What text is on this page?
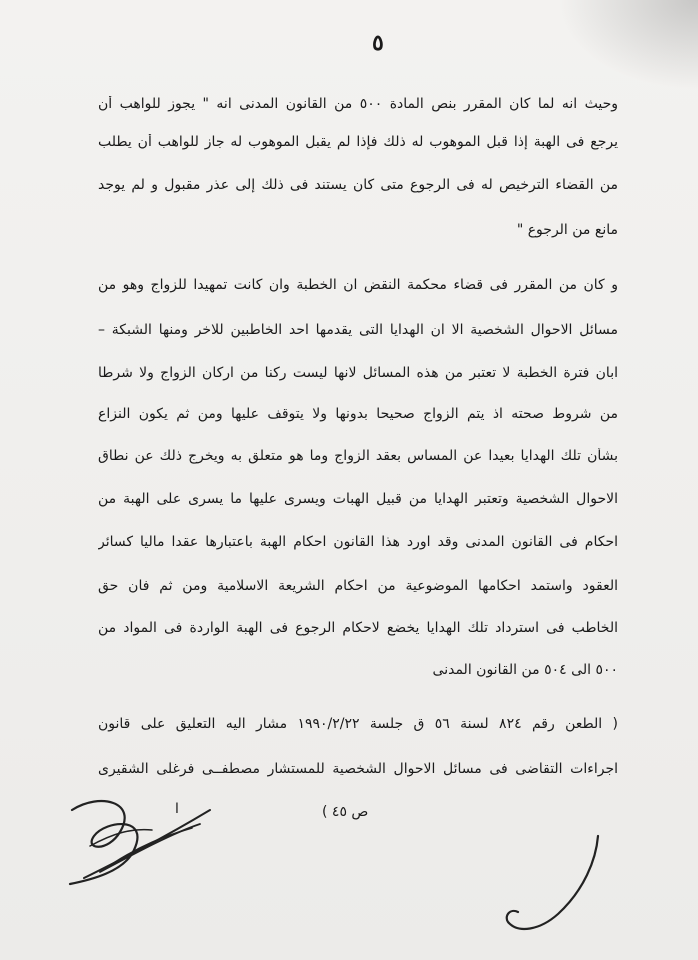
٥
وحيث انه لما كان المقرر بنص المادة ٥٠٠ من القانون المدنى انه " يجوز للواهب أن
يرجع فى الهبة إذا قبل الموهوب له ذلك فإذا لم يقبل الموهوب له جاز للواهب أن يطلب
من القضاء الترخيص له فى الرجوع متى كان يستند فى ذلك إلى عذر مقبول و لم يوجد
مانع من الرجوع "
و كان من المقرر فى قضاء محكمة النقض ان الخطبة وان كانت تمهيدا للزواج وهو من
مسائل الاحوال الشخصية الا ان الهدايا التى يقدمها احد الخاطبين للاخر ومنها الشبكة –
ابان فترة الخطبة لا تعتبر من هذه المسائل لانها ليست ركنا من اركان الزواج ولا شرطا
من شروط صحته اذ يتم الزواج صحيحا بدونها ولا يتوقف عليها ومن ثم يكون النزاع
بشأن تلك الهدايا بعيدا عن المساس بعقد الزواج وما هو متعلق به ويخرج ذلك عن نطاق
الاحوال الشخصية وتعتبر الهدايا من قبيل الهبات ويسرى عليها ما يسرى على الهبة من
احكام فى القانون المدنى وقد اورد هذا القانون احكام الهبة باعتبارها عقدا ماليا كسائر
العقود واستمد احكامها الموضوعية من احكام الشريعة الاسلامية ومن ثم فان حق
الخاطب فى استرداد تلك الهدايا يخضع لاحكام الرجوع فى الهبة الواردة فى المواد من
٥٠٠ الى ٥٠٤ من القانون المدنى
( الطعن رقم ٨٢٤ لسنة ٥٦ ق جلسة ١٩٩٠/٢/٢٢ مشار اليه التعليق على قانون
اجراءات التقاضى فى مسائل الاحوال الشخصية للمستشار مصطفــى فرغلى الشقيرى
ص ٤٥ )
ا
